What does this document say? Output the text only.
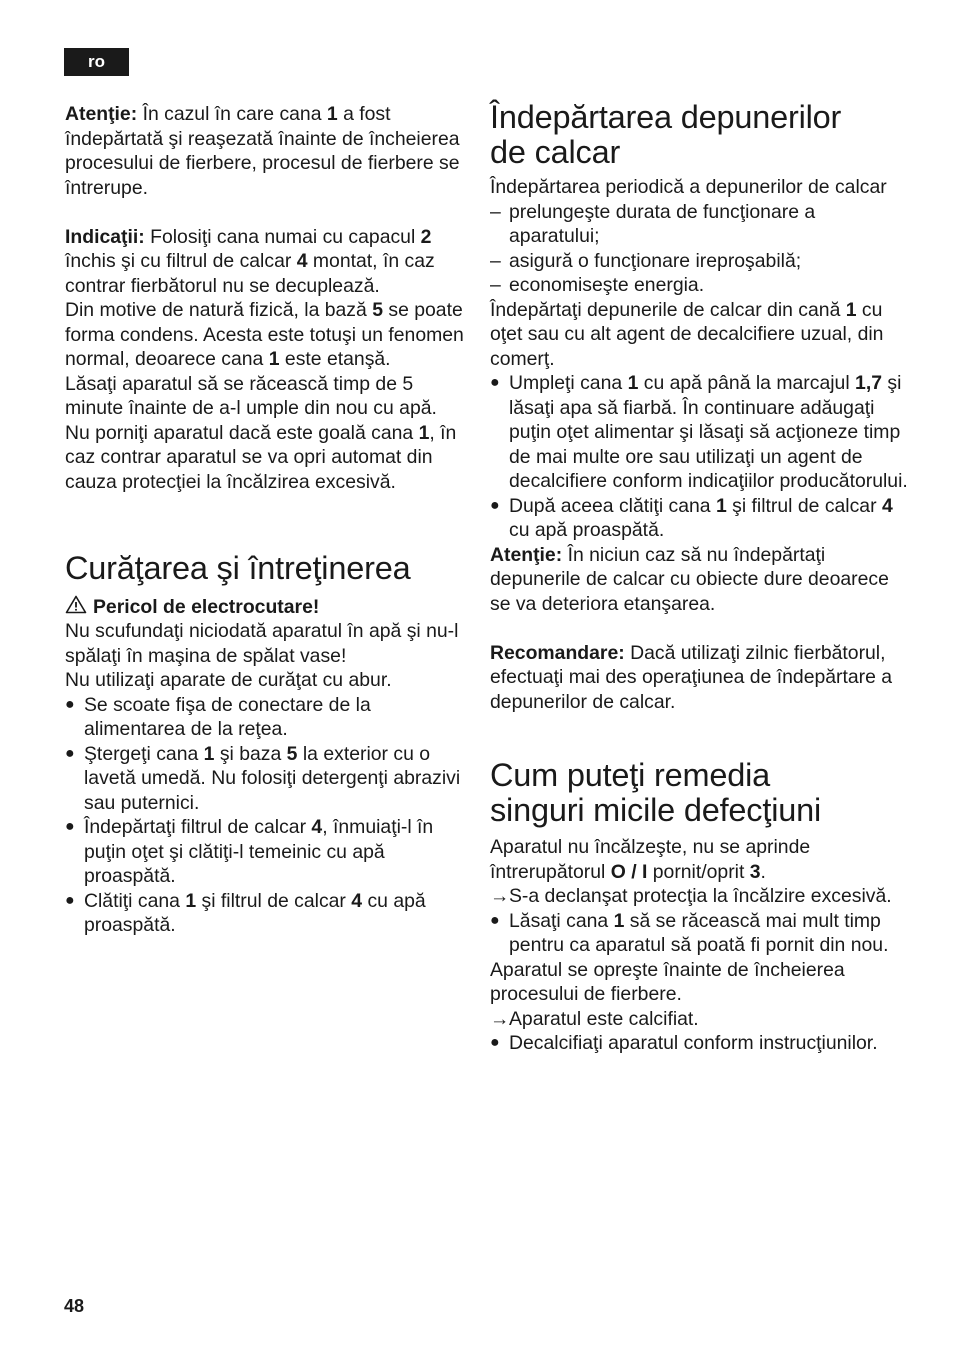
ro

Atenţie: În cazul în care cana 1 a fost îndepărtată şi reaşezată înainte de încheierea procesului de fierbere, procesul de fierbere se întrerupe.

Indicaţii: Folosiţi cana numai cu capacul 2 închis şi cu filtrul de calcar 4 montat, în caz contrar fierbătorul nu se decuplează.

Din motive de natură fizică, la bază 5 se poate forma condens. Acesta este totuşi un fenomen normal, deoarece cana 1 este etanşă.

Lăsaţi aparatul să se răcească timp de 5 minute înainte de a-l umple din nou cu apă.

Nu porniţi aparatul dacă este goală cana 1, în caz contrar aparatul se va opri automat din cauza protecţiei la încălzirea excesivă.

Curăţarea şi întreţinerea

Pericol de electrocutare!

Nu scufundaţi niciodată aparatul în apă şi nu-l spălaţi în maşina de spălat vase!

Nu utilizaţi aparate de curăţat cu abur.

● Se scoate fişa de conectare de la alimentarea de la reţea.

● Ştergeţi cana 1 şi baza 5 la exterior cu o lavetă umedă. Nu folosiţi detergenţi abrazivi sau puternici.

● Îndepărtaţi filtrul de calcar 4, înmuiaţi-l în puţin oţet şi clătiţi-l temeinic cu apă proaspătă.

● Clătiţi cana 1 şi filtrul de calcar 4 cu apă proaspătă.

Îndepărtarea depunerilor
de calcar

Îndepărtarea periodică a depunerilor de calcar

– prelungeşte durata de funcţionare a aparatului;

– asigură o funcţionare ireproşabilă;

– economiseşte energia.

Îndepărtaţi depunerile de calcar din cană 1 cu oţet sau cu alt agent de decalcifiere uzual, din comerţ.

● Umpleţi cana 1 cu apă până la marcajul 1,7 şi lăsaţi apa să fiarbă. În continuare adăugaţi puţin oţet alimentar şi lăsaţi să acţioneze timp de mai multe ore sau utilizaţi un agent de decalcifiere conform indicaţiilor producătorului.

● După aceea clătiţi cana 1 şi filtrul de calcar 4 cu apă proaspătă.

Atenţie: În niciun caz să nu îndepărtaţi depunerile de calcar cu obiecte dure deoarece se va deteriora etanşarea.

Recomandare: Dacă utilizaţi zilnic fierbătorul, efectuaţi mai des operaţiunea de îndepărtare a depunerilor de calcar.

Cum puteţi remedia
singuri micile defecţiuni

Aparatul nu încălzeşte, nu se aprinde întrerupătorul O / I pornit/oprit 3.

→ S-a declanşat protecţia la încălzire excesivă.

● Lăsaţi cana 1 să se răcească mai mult timp pentru ca aparatul să poată fi pornit din nou.

Aparatul se opreşte înainte de încheierea procesului de fierbere.

→ Aparatul este calcifiat.

● Decalcifiaţi aparatul conform instrucţiunilor.

48
